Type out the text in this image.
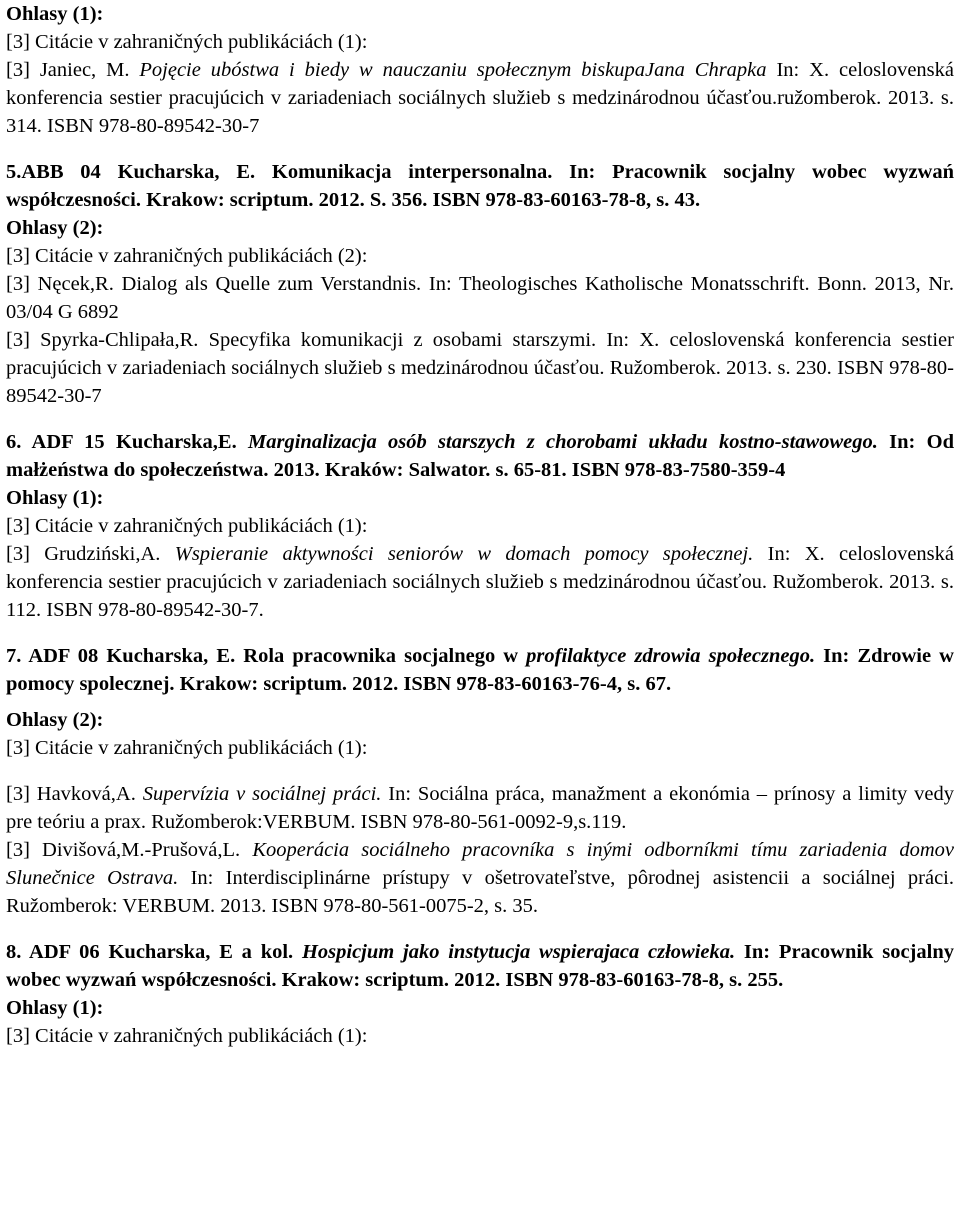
Ohlasy (1):

[3] Citácie v zahraničných publikáciách (1):

[3] Janiec, M. Pojęcie ubóstwa i biedy w nauczaniu społecznym biskupaJana Chrapka In: X. celoslovenská konferencia sestier pracujúcich v zariadeniach sociálnych služieb s medzinárodnou účasťou.ružomberok. 2013. s. 314. ISBN 978-80-89542-30-7

5.ABB 04 Kucharska, E. Komunikacja interpersonalna. In: Pracownik socjalny wobec wyzwań współczesności. Krakow: scriptum. 2012. S. 356. ISBN 978-83-60163-78-8, s. 43.

Ohlasy (2):

[3] Citácie v zahraničných publikáciách (2):

[3] Nęcek,R. Dialog als Quelle zum Verstandnis. In: Theologisches Katholische Monatsschrift. Bonn. 2013, Nr. 03/04 G 6892

[3] Spyrka-Chlipała,R. Specyfika komunikacji z osobami starszymi. In: X. celoslovenská konferencia sestier pracujúcich v zariadeniach sociálnych služieb s medzinárodnou účasťou. Ružomberok. 2013. s. 230. ISBN 978-80-89542-30-7

6. ADF 15 Kucharska,E. Marginalizacja osób starszych z chorobami układu kostno-stawowego. In: Od małżeństwa do społeczeństwa. 2013. Kraków: Salwator. s. 65-81. ISBN 978-83-7580-359-4

Ohlasy (1):

[3] Citácie v zahraničných publikáciách (1):

[3] Grudziński,A. Wspieranie aktywności seniorów w domach pomocy społecznej. In: X. celoslovenská konferencia sestier pracujúcich v zariadeniach sociálnych služieb s medzinárodnou účasťou. Ružomberok. 2013. s. 112. ISBN 978-80-89542-30-7.

7. ADF 08 Kucharska, E. Rola pracownika socjalnego w profilaktyce zdrowia społecznego. In: Zdrowie w pomocy spolecznej. Krakow: scriptum. 2012. ISBN 978-83-60163-76-4, s. 67.

Ohlasy (2):

[3] Citácie v zahraničných publikáciách (1):

[3] Havková,A. Supervízia v sociálnej práci. In: Sociálna práca, manažment a ekonómia – prínosy a limity vedy pre teóriu a prax. Ružomberok:VERBUM. ISBN 978-80-561-0092-9,s.119.

[3] Divišová,M.-Prušová,L. Kooperácia sociálneho pracovníka s inými odborníkmi tímu zariadenia domov Slunečnice Ostrava. In: Interdisciplinárne prístupy v ošetrovateľstve, pôrodnej asistencii a sociálnej práci. Ružomberok: VERBUM. 2013. ISBN 978-80-561-0075-2, s. 35.

8. ADF 06 Kucharska, E a kol. Hospicjum jako instytucja wspierajaca człowieka. In: Pracownik socjalny wobec wyzwań współczesności. Krakow: scriptum. 2012. ISBN 978-83-60163-78-8, s. 255.

Ohlasy (1):

[3] Citácie v zahraničných publikáciách (1):
